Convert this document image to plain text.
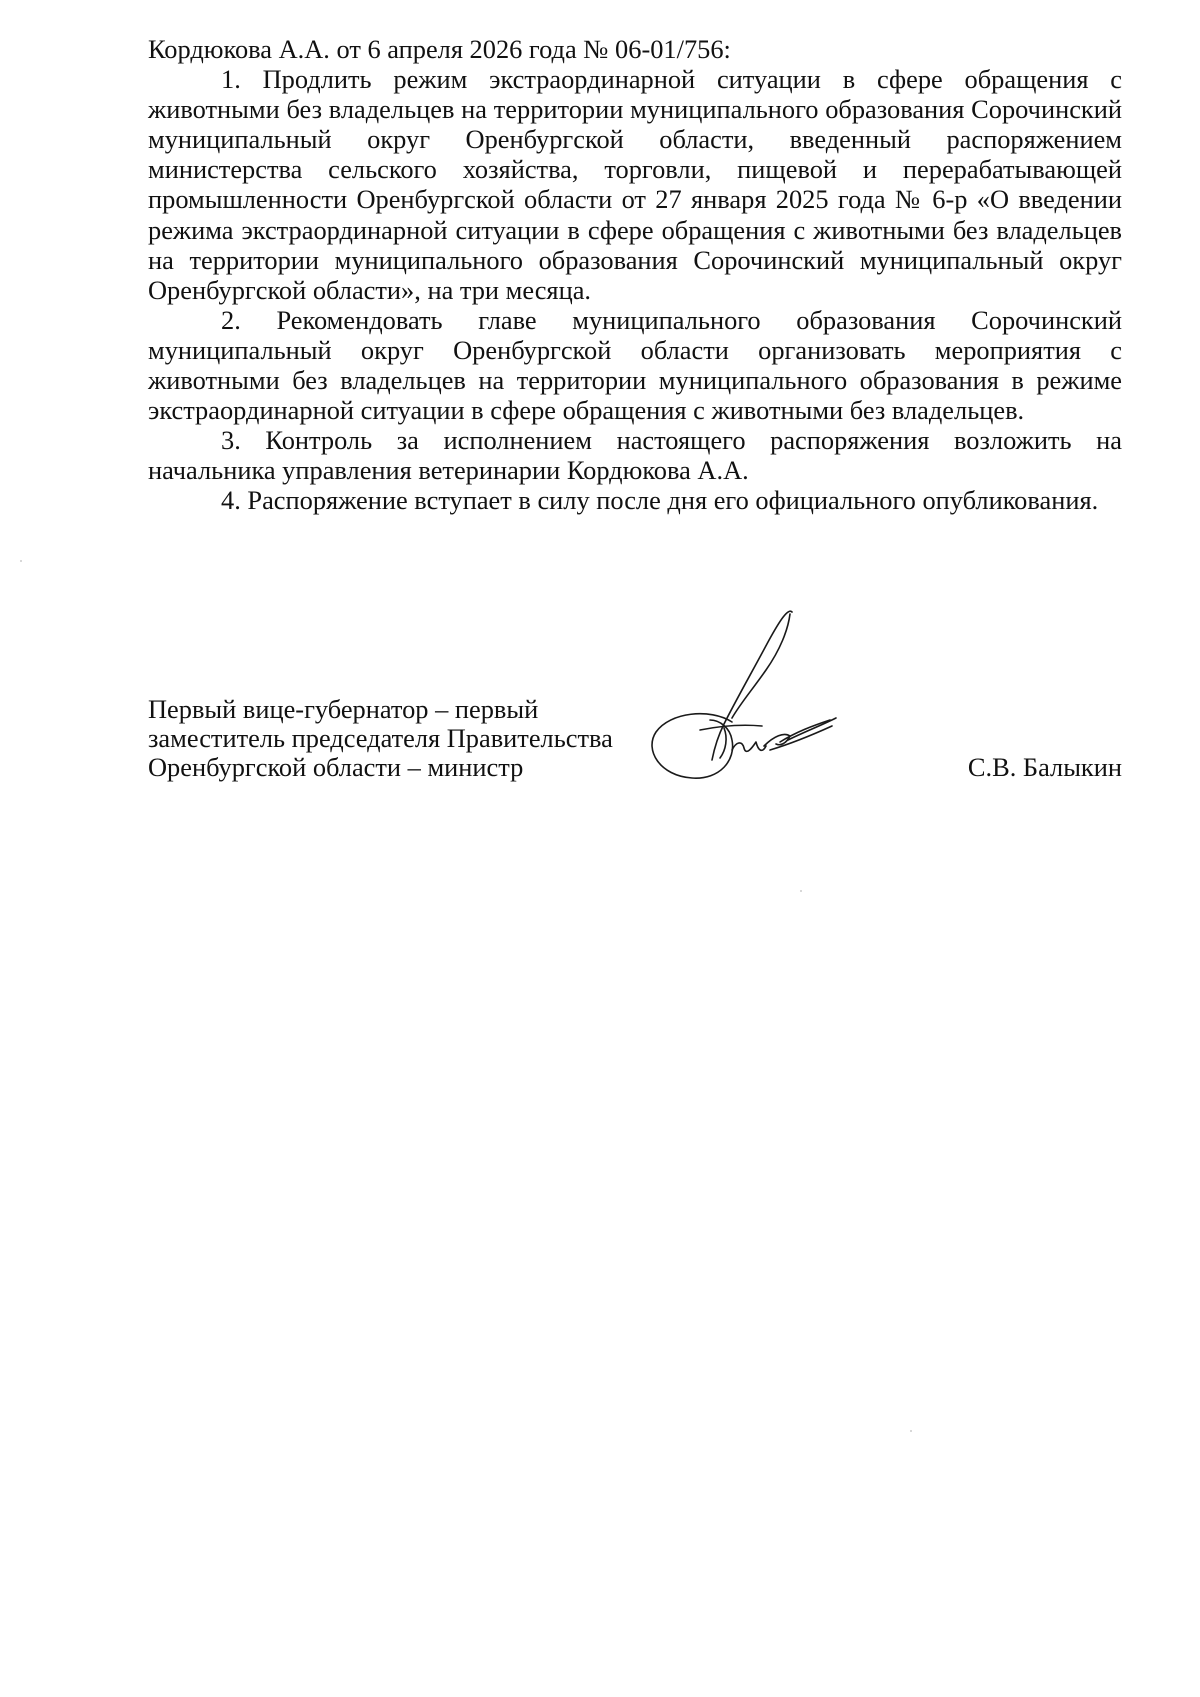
Кордюкова А.А. от 6 апреля 2026 года № 06-01/756:

1. Продлить режим экстраординарной ситуации в сфере обращения с животными без владельцев на территории муниципального образования Сорочинский муниципальный округ Оренбургской области, введенный распоряжением министерства сельского хозяйства, торговли, пищевой и перерабатывающей промышленности Оренбургской области от 27 января 2025 года № 6-р «О введении режима экстраординарной ситуации в сфере обращения с животными без владельцев на территории муниципального образования Сорочинский муниципальный округ Оренбургской области», на три месяца.

2. Рекомендовать главе муниципального образования Сорочинский муниципальный округ Оренбургской области организовать мероприятия с животными без владельцев на территории муниципального образования в режиме экстраординарной ситуации в сфере обращения с животными без владельцев.

3. Контроль за исполнением настоящего распоряжения возложить на начальника управления ветеринарии Кордюкова А.А.

4. Распоряжение вступает в силу после дня его официального опубликования.

Первый вице-губернатор – первый
заместитель председателя Правительства
Оренбургской области – министр	С.В. Балыкин
